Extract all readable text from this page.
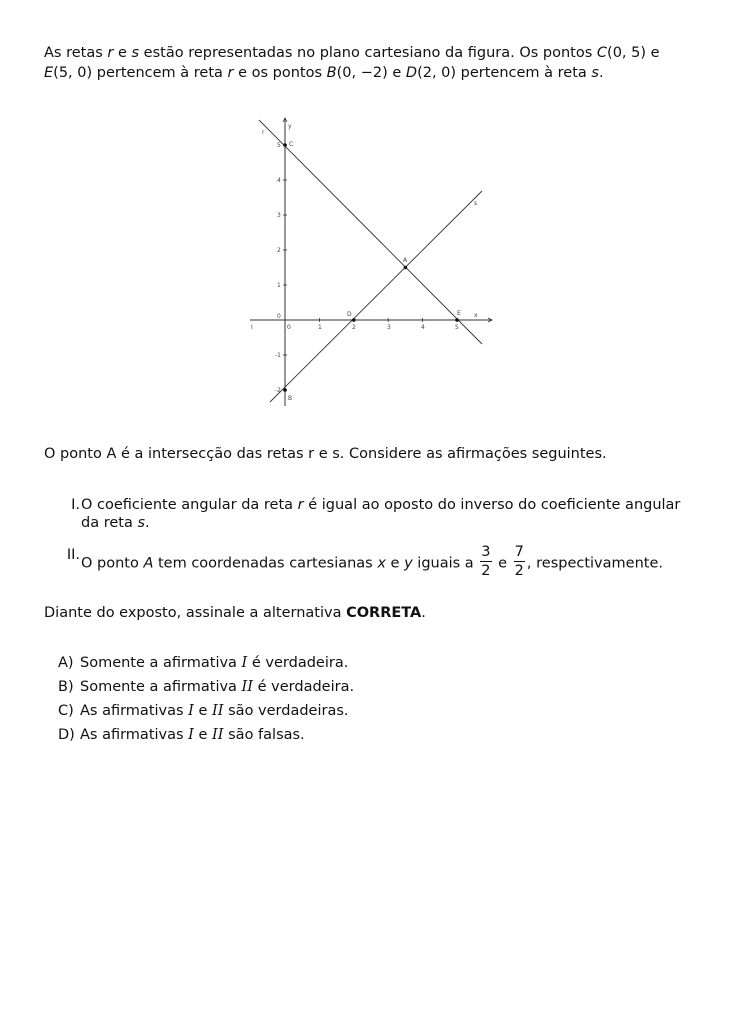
As retas r e s estão representadas no plano cartesiano da figura. Os pontos C(0, 5) e
E(5, 0) pertencem à reta r e os pontos B(0, −2) e D(2, 0) pertencem à reta s.
I	0	1	2	3	4	5
5
4
3
2
1
0
-1
-2
x
y
r
s
C
E
B
D
A
O ponto A é a intersecção das retas r e s. Considere as afirmações seguintes.
I. O coeficiente angular da reta r é igual ao oposto do inverso do coeficiente angular
da reta s.
II.
O ponto A tem coordenadas cartesianas x e y iguais a $\frac{3}{2}$ e $\frac{7}{2}$ , respectivamente.
Diante do exposto, assinale a alternativa CORRETA.
A) Somente a afirmativa I é verdadeira.
B) Somente a afirmativa II é verdadeira.
C) As afirmativas I e II são verdadeiras.
D) As afirmativas I e II são falsas.
